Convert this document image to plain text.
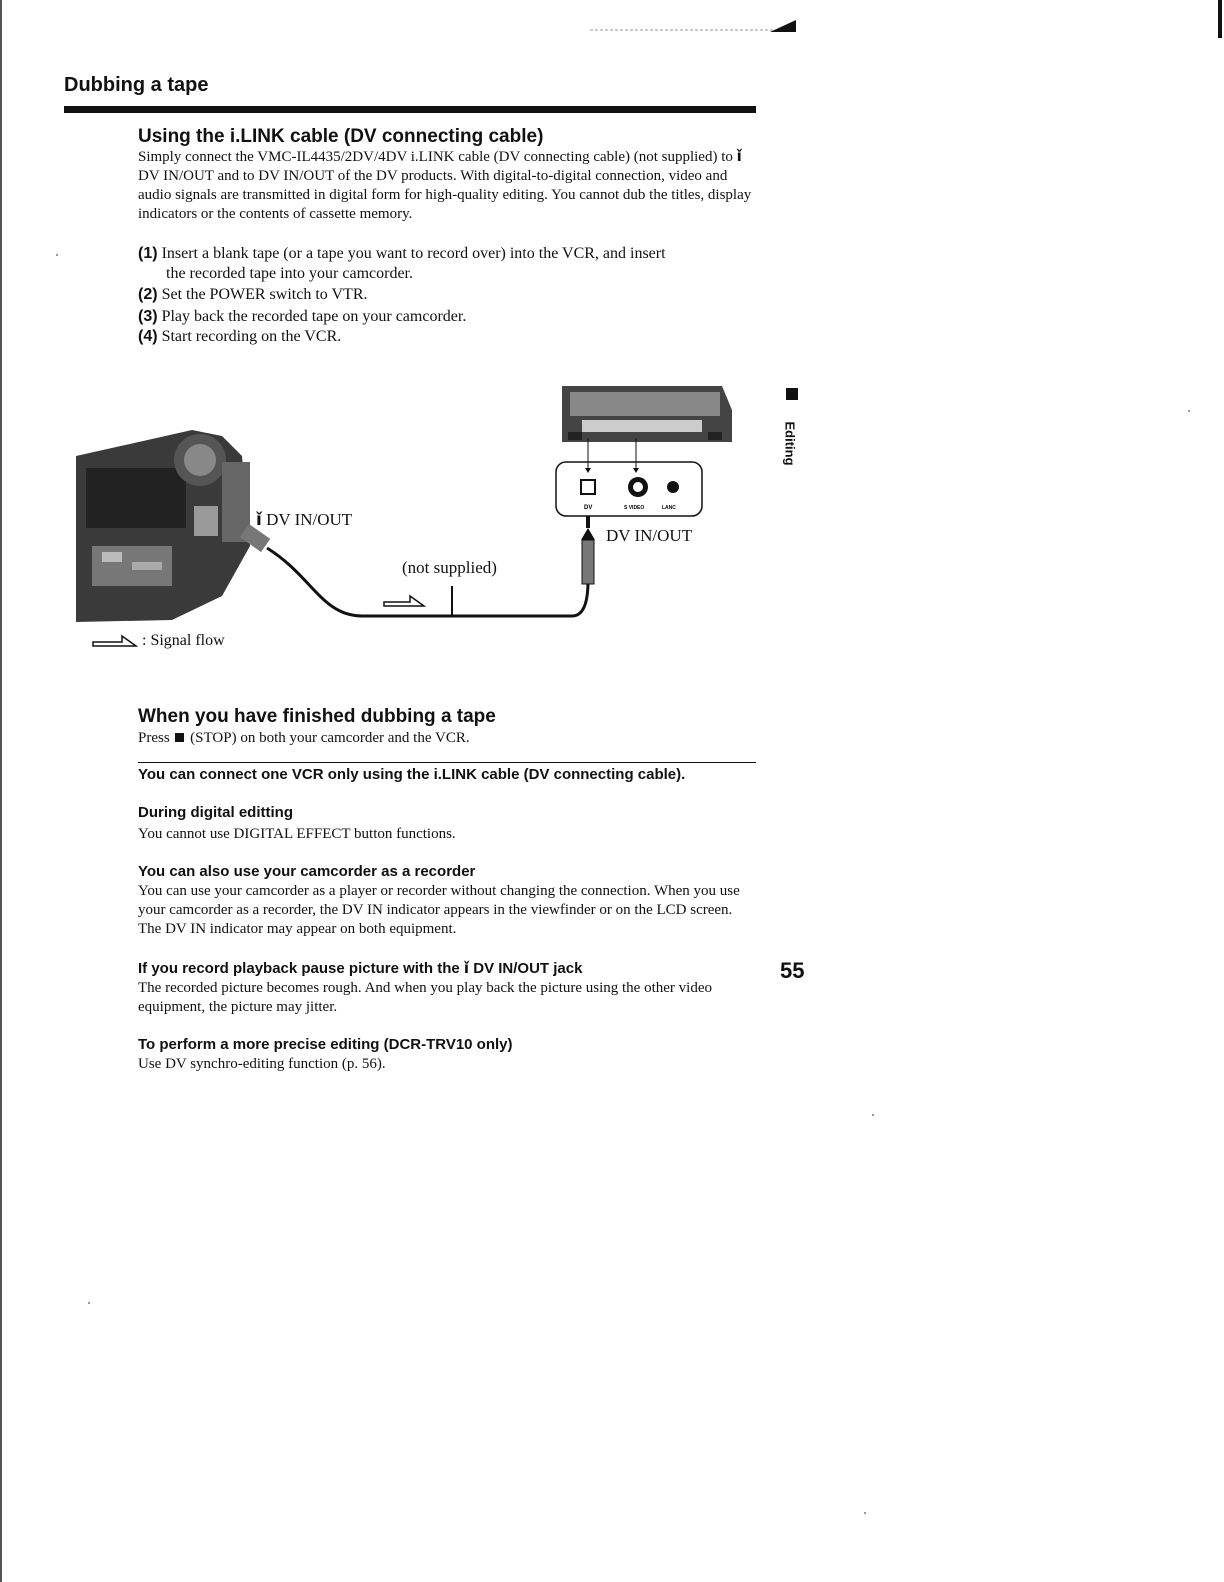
Dubbing a tape
Using the i.LINK cable (DV connecting cable)
Simply connect the VMC-IL4435/2DV/4DV i.LINK cable (DV connecting cable) (not supplied) to ǐ DV IN/OUT and to DV IN/OUT of the DV products. With digital-to-digital connection, video and audio signals are transmitted in digital form for high-quality editing. You cannot dub the titles, display indicators or the contents of cassette memory.
(1) Insert a blank tape (or a tape you want to record over) into the VCR, and insert
the recorded tape into your camcorder.
(2) Set the POWER switch to VTR.
(3) Play back the recorded tape on your camcorder.
(4) Start recording on the VCR.
Editing
DV	S VIDEO	LANC
ǐ DV IN/OUT
DV IN/OUT
(not supplied)
: Signal flow
When you have finished dubbing a tape
Press (STOP) on both your camcorder and the VCR.
You can connect one VCR only using the i.LINK cable (DV connecting cable).
During digital editting
You cannot use DIGITAL EFFECT button functions.
You can also use your camcorder as a recorder
You can use your camcorder as a player or recorder without changing the connection. When you use your camcorder as a recorder, the DV IN indicator appears in the viewfinder or on the LCD screen. The DV IN indicator may appear on both equipment.
If you record playback pause picture with the ǐ DV IN/OUT jack
The recorded picture becomes rough. And when you play back the picture using the other video equipment, the picture may jitter.
To perform a more precise editing (DCR-TRV10 only)
Use DV synchro-editing function (p. 56).
55
